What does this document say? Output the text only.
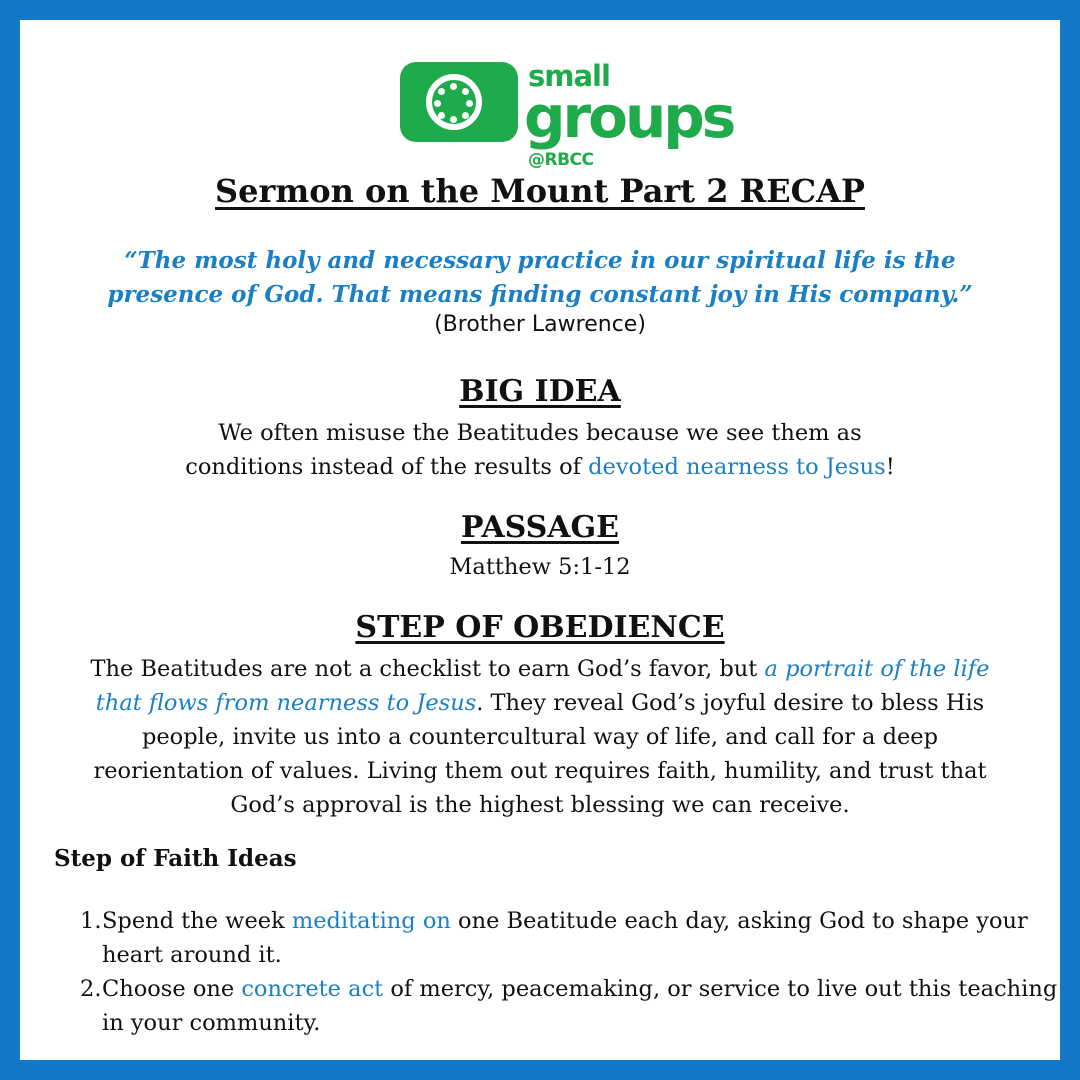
small
groups
@RBCC
Sermon on the Mount Part 2 RECAP
“The most holy and necessary practice in our spiritual life is the
presence of God. That means finding constant joy in His company.”
(Brother Lawrence)
BIG IDEA
We often misuse the Beatitudes because we see them as
conditions instead of the results of devoted nearness to Jesus!
PASSAGE
Matthew 5:1-12
STEP OF OBEDIENCE
The Beatitudes are not a checklist to earn God’s favor, but a portrait of the life that flows from nearness to Jesus. They reveal God’s joyful desire to bless His people, invite us into a countercultural way of life, and call for a deep reorientation of values. Living them out requires faith, humility, and trust that God’s approval is the highest blessing we can receive.
Step of Faith Ideas
1. Spend the week meditating on one Beatitude each day, asking God to shape your heart around it.
2. Choose one concrete act of mercy, peacemaking, or service to live out this teaching in your community.
